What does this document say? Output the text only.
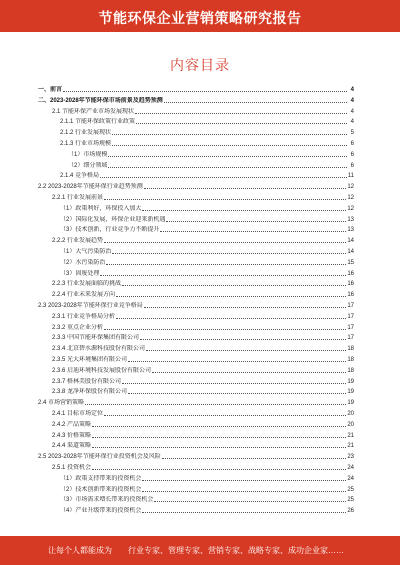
节能环保企业营销策略研究报告
内容目录
一、前言	4
二、2023-2028年节能环保市场前景及趋势预测	4
2.1 节能环保产业市场发展现状	4
2.1.1 节能环保政策行业政策	4
2.1.2 行业发展现状	5
2.1.3 行业市场规模	6
（1）市场规模	6
（2）细分领域	6
2.1.4 竞争格局	11
2.2 2023-2028年节能环保行业趋势预测	12
2.2.1 行业发展前景	12
（1）政策利好，环保投入加大	12
（2）国际化发展，环保企业迎来新机遇	13
（3）技术创新，行业竞争力不断提升	13
2.2.2 行业发展趋势	14
（1）大气污染防治	14
（2）水污染防治	15
（3）固废处理	16
2.2.3 行业发展面临的挑战	16
2.2.4 行业未来发展方向	16
2.3 2023-2028年节能环保行业竞争格局	17
2.3.1 行业竞争格局分析	17
2.3.2 重点企业分析	17
2.3.3 中国节能环保集团有限公司	17
2.3.4 北京碧水源科技股份有限公司	18
2.3.5 光大环境集团有限公司	18
2.3.6 启迪环境科技发展股份有限公司	18
2.3.7 格林美股份有限公司	19
2.3.8 龙净环保股份有限公司	19
2.4 市场营销策略	19
2.4.1 目标市场定位	20
2.4.2 产品策略	20
2.4.3 价格策略	21
2.4.4 渠道策略	21
2.5 2023-2028年节能环保行业投资机会及风险	23
2.5.1 投资机会	24
（1）政策支持带来的投资机会	24
（2）技术创新带来的投资机会	25
（3）市场需求增长带来的投资机会	25
（4）产业升级带来的投资机会	26
让每个人都能成为 行业专家、管理专家、营销专家、战略专家、成功企业家……
